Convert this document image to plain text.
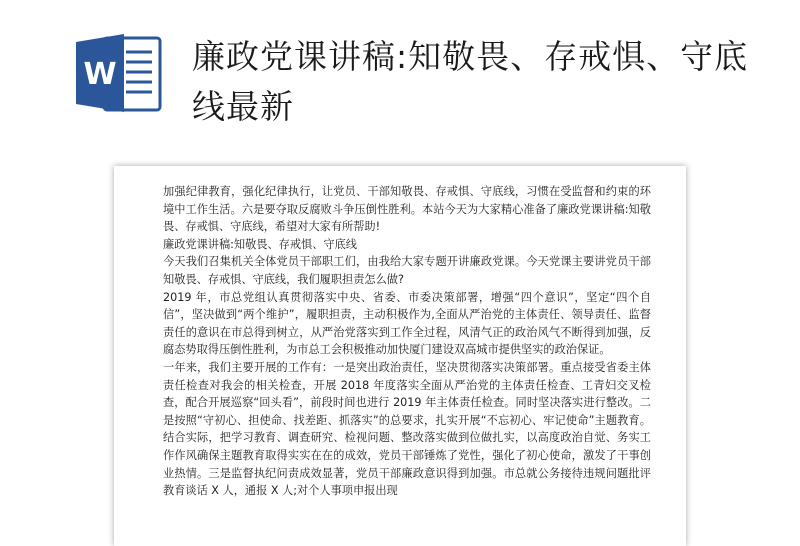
W 廉政党课讲稿:知敬畏、存戒惧、守底线最新

加强纪律教育，强化纪律执行，让党员、干部知敬畏、存戒惧、守底线，习惯在受监督和约束的环境中工作生活。六是要夺取反腐败斗争压倒性胜利。本站今天为大家精心准备了廉政党课讲稿:知敬畏、存戒惧、守底线，希望对大家有所帮助!

廉政党课讲稿:知敬畏、存戒惧、守底线

今天我们召集机关全体党员干部职工们，由我给大家专题开讲廉政党课。今天党课主要讲党员干部知敬畏、存戒惧、守底线，我们履职担责怎么做?

2019 年，市总党组认真贯彻落实中央、省委、市委决策部署，增强“四个意识”，坚定“四个自信”，坚决做到“两个维护”，履职担责，主动积极作为,全面从严治党的主体责任、领导责任、监督责任的意识在市总得到树立，从严治党落实到工作全过程，风清气正的政治风气不断得到加强，反腐态势取得压倒性胜利，为市总工会积极推动加快厦门建设双高城市提供坚实的政治保证。

一年来，我们主要开展的工作有：一是突出政治责任，坚决贯彻落实决策部署。重点接受省委主体责任检查对我会的相关检查，开展 2018 年度落实全面从严治党的主体责任检查、工青妇交叉检查，配合开展巡察“回头看”，前段时间也进行 2019 年主体责任检查。同时坚决落实进行整改。二是按照“守初心、担使命、找差距、抓落实”的总要求，扎实开展“不忘初心、牢记使命”主题教育。结合实际，把学习教育、调查研究、检视问题、整改落实做到位做扎实，以高度政治自觉、务实工作作风确保主题教育取得实实在在的成效，党员干部锤炼了党性，强化了初心使命，激发了干事创业热情。三是监督执纪问责成效显著，党员干部廉政意识得到加强。市总就公务接待违规问题批评教育谈话 X 人，通报 X 人;对个人事项申报出现
